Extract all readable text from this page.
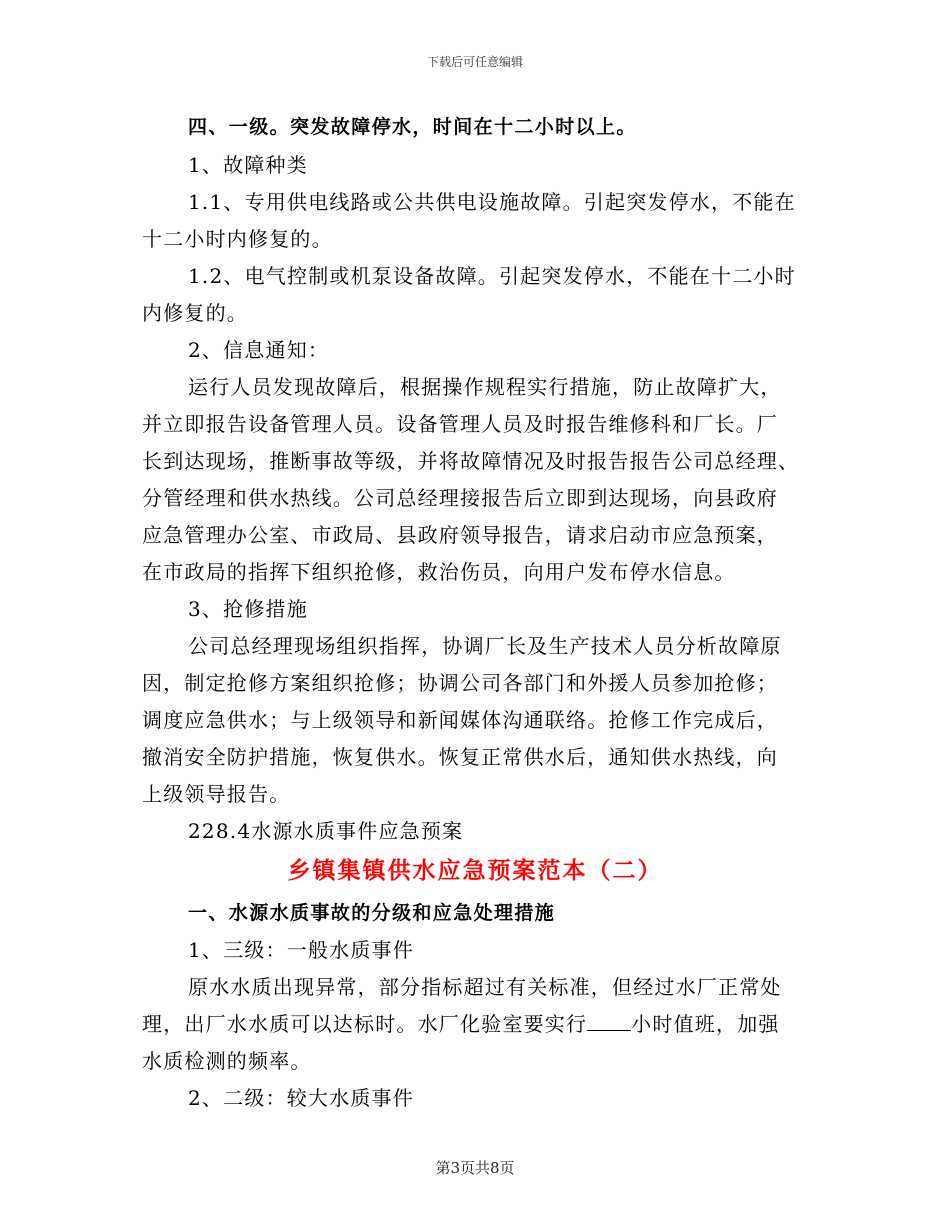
下载后可任意编辑
四、一级。突发故障停水，时间在十二小时以上。
1、故障种类
1.1、专用供电线路或公共供电设施故障。引起突发停水，不能在
十二小时内修复的。
1.2、电气控制或机泵设备故障。引起突发停水，不能在十二小时
内修复的。
2、信息通知：
运行人员发现故障后，根据操作规程实行措施，防止故障扩大，
并立即报告设备管理人员。设备管理人员及时报告维修科和厂长。厂
长到达现场，推断事故等级，并将故障情况及时报告报告公司总经理、
分管经理和供水热线。公司总经理接报告后立即到达现场，向县政府
应急管理办公室、市政局、县政府领导报告，请求启动市应急预案，
在市政局的指挥下组织抢修，救治伤员，向用户发布停水信息。
3、抢修措施
公司总经理现场组织指挥，协调厂长及生产技术人员分析故障原
因，制定抢修方案组织抢修；协调公司各部门和外援人员参加抢修；
调度应急供水；与上级领导和新闻媒体沟通联络。抢修工作完成后，
撤消安全防护措施，恢复供水。恢复正常供水后，通知供水热线，向
上级领导报告。
228.4水源水质事件应急预案
乡镇集镇供水应急预案范本（二）
一、水源水质事故的分级和应急处理措施
1、三级：一般水质事件
原水水质出现异常，部分指标超过有关标准，但经过水厂正常处
理，出厂水水质可以达标时。水厂化验室要实行 小时值班，加强
水质检测的频率。
2、二级：较大水质事件
第3页共8页
